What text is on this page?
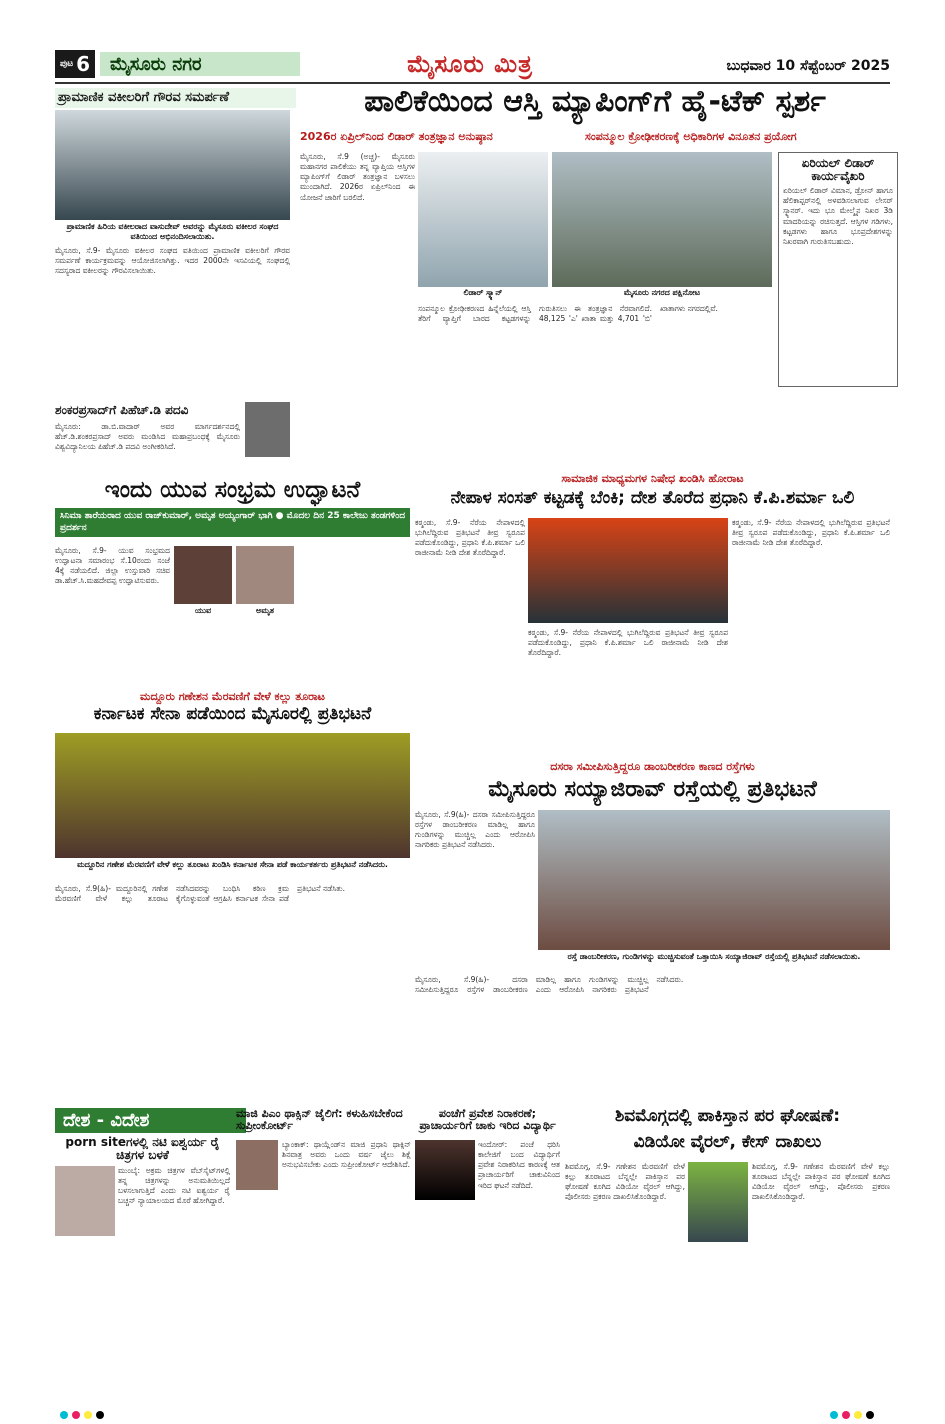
ಪುಟ 6	ಮೈಸೂರು ನಗರ	ಮೈಸೂರು ಮಿತ್ರ	ಬುಧವಾರ 10 ಸೆಪ್ಟೆಂಬರ್ 2025
ಪ್ರಾಮಾಣಿಕ ವಕೀಲರಿಗೆ ಗೌರವ ಸಮರ್ಪಣೆ
ಪ್ರಾಮಾಣಿಕ ಹಿರಿಯ ವಕೀಲರಾದ ವಾಸುದೇವ್ ಅವರನ್ನು ಮೈಸೂರು ವಕೀಲರ ಸಂಘದ ವತಿಯಿಂದ ಅಭಿನಂದಿಸಲಾಯಿತು.
ಮೈಸೂರು, ಸೆ.9- ಮೈಸೂರು ವಕೀಲರ ಸಂಘದ ವತಿಯಿಂದ ಪ್ರಾಮಾಣಿಕ ವಕೀಲರಿಗೆ ಗೌರವ ಸಮರ್ಪಣೆ ಕಾರ್ಯಕ್ರಮವನ್ನು ಆಯೋಜಿಸಲಾಗಿತ್ತು. ಇದರ 2000ನೇ ಇಸವಿಯಲ್ಲಿ ಸಂಘದಲ್ಲಿ ಸದಸ್ಯರಾದ ವಕೀಲರನ್ನು ಗೌರವಿಸಲಾಯಿತು.
ಶಂಕರಪ್ರಸಾದ್‌ಗೆ ಪಿಹೆಚ್.ಡಿ ಪದವಿ
ಮೈಸೂರು: ಡಾ.ಬಿ.ವಾದಾರ್ ಅವರ ಮಾರ್ಗದರ್ಶನದಲ್ಲಿ ಹೆಚ್.ಡಿ.ಶಂಕರಪ್ರಸಾದ್ ಅವರು ಮಂಡಿಸಿದ ಮಹಾಪ್ರಬಂಧಕ್ಕೆ ಮೈಸೂರು ವಿಶ್ವವಿದ್ಯಾನಿಲಯ ಪಿಹೆಚ್.ಡಿ ಪದವಿ ಅಂಗೀಕರಿಸಿದೆ.
ಪಾಲಿಕೆಯಿಂದ ಆಸ್ತಿ ಮ್ಯಾಪಿಂಗ್‌ಗೆ ಹೈ-ಟೆಕ್ ಸ್ಪರ್ಶ
2026ರ ಏಪ್ರಿಲ್‌ನಿಂದ ಲಿಡಾರ್ ತಂತ್ರಜ್ಞಾನ ಅನುಷ್ಠಾನ	ಸಂಪನ್ಮೂಲ ಕ್ರೋಢೀಕರಣಕ್ಕೆ ಅಧಿಕಾರಿಗಳ ವಿನೂತನ ಪ್ರಯೋಗ
ಮೈಸೂರು, ಸೆ.9 (ಅಚ್ಚ)- ಮೈಸೂರು ಮಹಾನಗರ ಪಾಲಿಕೆಯು ತನ್ನ ವ್ಯಾಪ್ತಿಯ ಆಸ್ತಿಗಳ ಮ್ಯಾಪಿಂಗ್‌ಗೆ ಲಿಡಾರ್ ತಂತ್ರಜ್ಞಾನ ಬಳಸಲು ಮುಂದಾಗಿದೆ. 2026ರ ಏಪ್ರಿಲ್‌ನಿಂದ ಈ ಯೋಜನೆ ಜಾರಿಗೆ ಬರಲಿದೆ.
ಲಿಡಾರ್ ಸ್ಕ್ಯಾನ್	ಮೈಸೂರು ನಗರದ ಪಕ್ಷಿನೋಟ
ಸಂಪನ್ಮೂಲ ಕ್ರೋಢೀಕರಣದ ಹಿನ್ನೆಲೆಯಲ್ಲಿ ಆಸ್ತಿ ತೆರಿಗೆ ವ್ಯಾಪ್ತಿಗೆ ಬಾರದ ಕಟ್ಟಡಗಳನ್ನು ಗುರುತಿಸಲು ಈ ತಂತ್ರಜ್ಞಾನ ನೆರವಾಗಲಿದೆ. 48,125 'ಎ' ಖಾತಾ ಮತ್ತು 4,701 'ಬಿ' ಖಾತಾಗಳು ನಗರದಲ್ಲಿವೆ.
ಏರಿಯಲ್ ಲಿಡಾರ್ ಕಾರ್ಯವೈಖರಿ
ಏರಿಯಲ್ ಲಿಡಾರ್ ವಿಮಾನ, ಡ್ರೋನ್ ಹಾಗೂ ಹೆಲಿಕಾಪ್ಟರ್‌ನಲ್ಲಿ ಅಳವಡಿಸಲಾಗುವ ಲೇಸರ್ ಸ್ಕ್ಯಾನರ್. ಇದು ಭೂ ಮೇಲ್ಮೈನ ನಿಖರ 3ಡಿ ಮಾದರಿಯನ್ನು ರಚಿಸುತ್ತದೆ. ಆಸ್ತಿಗಳ ಗಡಿಗಳು, ಕಟ್ಟಡಗಳು ಹಾಗೂ ಭೂಪ್ರದೇಶಗಳನ್ನು ನಿಖರವಾಗಿ ಗುರುತಿಸಬಹುದು.
ಇಂದು ಯುವ ಸಂಭ್ರಮ ಉದ್ಘಾಟನೆ
ಸಿನಿಮಾ ತಾರೆಯರಾದ ಯುವ ರಾಜ್‌ಕುಮಾರ್, ಅಮೃತ ಅಯ್ಯಂಗಾರ್ ಭಾಗಿ ● ಮೊದಲ ದಿನ 25 ಕಾಲೇಜು ತಂಡಗಳಿಂದ ಪ್ರದರ್ಶನ
ಮೈಸೂರು, ಸೆ.9- ಯುವ ಸಂಭ್ರಮದ ಉದ್ಘಾಟನಾ ಸಮಾರಂಭ ಸೆ.10ರಂದು ಸಂಜೆ 4ಕ್ಕೆ ನಡೆಯಲಿದೆ. ಜಿಲ್ಲಾ ಉಸ್ತುವಾರಿ ಸಚಿವ ಡಾ.ಹೆಚ್.ಸಿ.ಮಹದೇವಪ್ಪ ಉದ್ಘಾಟಿಸುವರು.
ಯುವ	ಅಮೃತ
ಮದ್ದೂರು ಗಣೇಶನ ಮೆರವಣಿಗೆ ವೇಳೆ ಕಲ್ಲು ತೂರಾಟ
ಕರ್ನಾಟಕ ಸೇನಾ ಪಡೆಯಿಂದ ಮೈಸೂರಲ್ಲಿ ಪ್ರತಿಭಟನೆ
ಮದ್ದೂರಿನ ಗಣೇಶ ಮೆರವಣಿಗೆ ವೇಳೆ ಕಲ್ಲು ತೂರಾಟ ಖಂಡಿಸಿ ಕರ್ನಾಟಕ ಸೇನಾ ಪಡೆ ಕಾರ್ಯಕರ್ತರು ಪ್ರತಿಭಟನೆ ನಡೆಸಿದರು.
ಮೈಸೂರು, ಸೆ.9(ಹಿ)- ಮದ್ದೂರಿನಲ್ಲಿ ಗಣೇಶ ಮೆರವಣಿಗೆ ವೇಳೆ ಕಲ್ಲು ತೂರಾಟ ನಡೆಸಿದವರನ್ನು ಬಂಧಿಸಿ ಕಠಿಣ ಕ್ರಮ ಕೈಗೊಳ್ಳುವಂತೆ ಆಗ್ರಹಿಸಿ ಕರ್ನಾಟಕ ಸೇನಾ ಪಡೆ ಪ್ರತಿಭಟನೆ ನಡೆಸಿತು.
ಸಾಮಾಜಿಕ ಮಾಧ್ಯಮಗಳ ನಿಷೇಧ ಖಂಡಿಸಿ ಹೋರಾಟ
ನೇಪಾಳ ಸಂಸತ್ ಕಟ್ಟಡಕ್ಕೆ ಬೆಂಕಿ; ದೇಶ ತೊರೆದ ಪ್ರಧಾನಿ ಕೆ.ಪಿ.ಶರ್ಮಾ ಒಲಿ
ಕಠ್ಮಂಡು, ಸೆ.9- ನೆರೆಯ ನೇಪಾಳದಲ್ಲಿ ಭುಗಿಲೆದ್ದಿರುವ ಪ್ರತಿಭಟನೆ ತೀವ್ರ ಸ್ವರೂಪ ಪಡೆದುಕೊಂಡಿದ್ದು, ಪ್ರಧಾನಿ ಕೆ.ಪಿ.ಶರ್ಮಾ ಒಲಿ ರಾಜೀನಾಮೆ ನೀಡಿ ದೇಶ ತೊರೆದಿದ್ದಾರೆ.
ಕಠ್ಮಂಡು, ಸೆ.9- ನೆರೆಯ ನೇಪಾಳದಲ್ಲಿ ಭುಗಿಲೆದ್ದಿರುವ ಪ್ರತಿಭಟನೆ ತೀವ್ರ ಸ್ವರೂಪ ಪಡೆದುಕೊಂಡಿದ್ದು, ಪ್ರಧಾನಿ ಕೆ.ಪಿ.ಶರ್ಮಾ ಒಲಿ ರಾಜೀನಾಮೆ ನೀಡಿ ದೇಶ ತೊರೆದಿದ್ದಾರೆ.
ಕಠ್ಮಂಡು, ಸೆ.9- ನೆರೆಯ ನೇಪಾಳದಲ್ಲಿ ಭುಗಿಲೆದ್ದಿರುವ ಪ್ರತಿಭಟನೆ ತೀವ್ರ ಸ್ವರೂಪ ಪಡೆದುಕೊಂಡಿದ್ದು, ಪ್ರಧಾನಿ ಕೆ.ಪಿ.ಶರ್ಮಾ ಒಲಿ ರಾಜೀನಾಮೆ ನೀಡಿ ದೇಶ ತೊರೆದಿದ್ದಾರೆ.
ದಸರಾ ಸಮೀಪಿಸುತ್ತಿದ್ದರೂ ಡಾಂಬರೀಕರಣ ಕಾಣದ ರಸ್ತೆಗಳು
ಮೈಸೂರು ಸಯ್ಯಾಜಿರಾವ್ ರಸ್ತೆಯಲ್ಲಿ ಪ್ರತಿಭಟನೆ
ಮೈಸೂರು, ಸೆ.9(ಹಿ)- ದಸರಾ ಸಮೀಪಿಸುತ್ತಿದ್ದರೂ ರಸ್ತೆಗಳ ಡಾಂಬರೀಕರಣ ಮಾಡಿಲ್ಲ ಹಾಗೂ ಗುಂಡಿಗಳನ್ನು ಮುಚ್ಚಿಲ್ಲ ಎಂದು ಆರೋಪಿಸಿ ನಾಗರಿಕರು ಪ್ರತಿಭಟನೆ ನಡೆಸಿದರು.
ರಸ್ತೆ ಡಾಂಬರೀಕರಣ, ಗುಂಡಿಗಳನ್ನು ಮುಚ್ಚಿಸುವಂತೆ ಒತ್ತಾಯಿಸಿ ಸಯ್ಯಾಜಿರಾವ್ ರಸ್ತೆಯಲ್ಲಿ ಪ್ರತಿಭಟನೆ ನಡೆಸಲಾಯಿತು.
ಮೈಸೂರು, ಸೆ.9(ಹಿ)- ದಸರಾ ಸಮೀಪಿಸುತ್ತಿದ್ದರೂ ರಸ್ತೆಗಳ ಡಾಂಬರೀಕರಣ ಮಾಡಿಲ್ಲ ಹಾಗೂ ಗುಂಡಿಗಳನ್ನು ಮುಚ್ಚಿಲ್ಲ ಎಂದು ಆರೋಪಿಸಿ ನಾಗರಿಕರು ಪ್ರತಿಭಟನೆ ನಡೆಸಿದರು.
ದೇಶ - ವಿದೇಶ
porn siteಗಳಲ್ಲಿ ನಟಿ ಐಶ್ವರ್ಯ ರೈ ಚಿತ್ರಗಳ ಬಳಕೆ
ಮುಂಬೈ: ಅಕ್ರಮ ಚಿತ್ರಗಳ ವೆಬ್‌ಸೈಟ್‌ಗಳಲ್ಲಿ ತನ್ನ ಚಿತ್ರಗಳನ್ನು ಅನುಮತಿಯಿಲ್ಲದೆ ಬಳಸಲಾಗುತ್ತಿದೆ ಎಂದು ನಟಿ ಐಶ್ವರ್ಯ ರೈ ಬಚ್ಚನ್ ನ್ಯಾಯಾಲಯದ ಮೊರೆ ಹೋಗಿದ್ದಾರೆ.
ಮಾಜಿ ಪಿಎಂ ಥಾಕ್ಸಿನ್ ಜೈಲಿಗೆ: ಕಳುಹಿಸಬೇಕೆಂದ ಸುಪ್ರೀಂಕೋರ್ಟ್
ಬ್ಯಾಂಕಾಕ್: ಥಾಯ್ಲೆಂಡ್‌ನ ಮಾಜಿ ಪ್ರಧಾನಿ ಥಾಕ್ಸಿನ್ ಶಿನವಾತ್ರ ಅವರು ಒಂದು ವರ್ಷ ಜೈಲು ಶಿಕ್ಷೆ ಅನುಭವಿಸಬೇಕು ಎಂದು ಸುಪ್ರೀಂಕೋರ್ಟ್ ಆದೇಶಿಸಿದೆ.
ಪಂಚೆಗೆ ಪ್ರವೇಶ ನಿರಾಕರಣೆ; ಪ್ರಾಚಾರ್ಯರಿಗೆ ಚಾಕು ಇರಿದ ವಿದ್ಯಾರ್ಥಿ
ಇಂದೋರ್: ಪಂಚೆ ಧರಿಸಿ ಕಾಲೇಜಿಗೆ ಬಂದ ವಿದ್ಯಾರ್ಥಿಗೆ ಪ್ರವೇಶ ನಿರಾಕರಿಸಿದ ಕಾರಣಕ್ಕೆ ಆತ ಪ್ರಾಚಾರ್ಯರಿಗೆ ಚಾಕುವಿನಿಂದ ಇರಿದ ಘಟನೆ ನಡೆದಿದೆ.
ಶಿವಮೊಗ್ಗದಲ್ಲಿ ಪಾಕಿಸ್ತಾನ ಪರ ಘೋಷಣೆ:
ವಿಡಿಯೋ ವೈರಲ್, ಕೇಸ್ ದಾಖಲು
ಶಿವಮೊಗ್ಗ, ಸೆ.9- ಗಣೇಶನ ಮೆರವಣಿಗೆ ವೇಳೆ ಕಲ್ಲು ತೂರಾಟದ ಬೆನ್ನಲ್ಲೇ ಪಾಕಿಸ್ತಾನ ಪರ ಘೋಷಣೆ ಕೂಗಿದ ವಿಡಿಯೋ ವೈರಲ್ ಆಗಿದ್ದು, ಪೊಲೀಸರು ಪ್ರಕರಣ ದಾಖಲಿಸಿಕೊಂಡಿದ್ದಾರೆ.
ಶಿವಮೊಗ್ಗ, ಸೆ.9- ಗಣೇಶನ ಮೆರವಣಿಗೆ ವೇಳೆ ಕಲ್ಲು ತೂರಾಟದ ಬೆನ್ನಲ್ಲೇ ಪಾಕಿಸ್ತಾನ ಪರ ಘೋಷಣೆ ಕೂಗಿದ ವಿಡಿಯೋ ವೈರಲ್ ಆಗಿದ್ದು, ಪೊಲೀಸರು ಪ್ರಕರಣ ದಾಖಲಿಸಿಕೊಂಡಿದ್ದಾರೆ.
